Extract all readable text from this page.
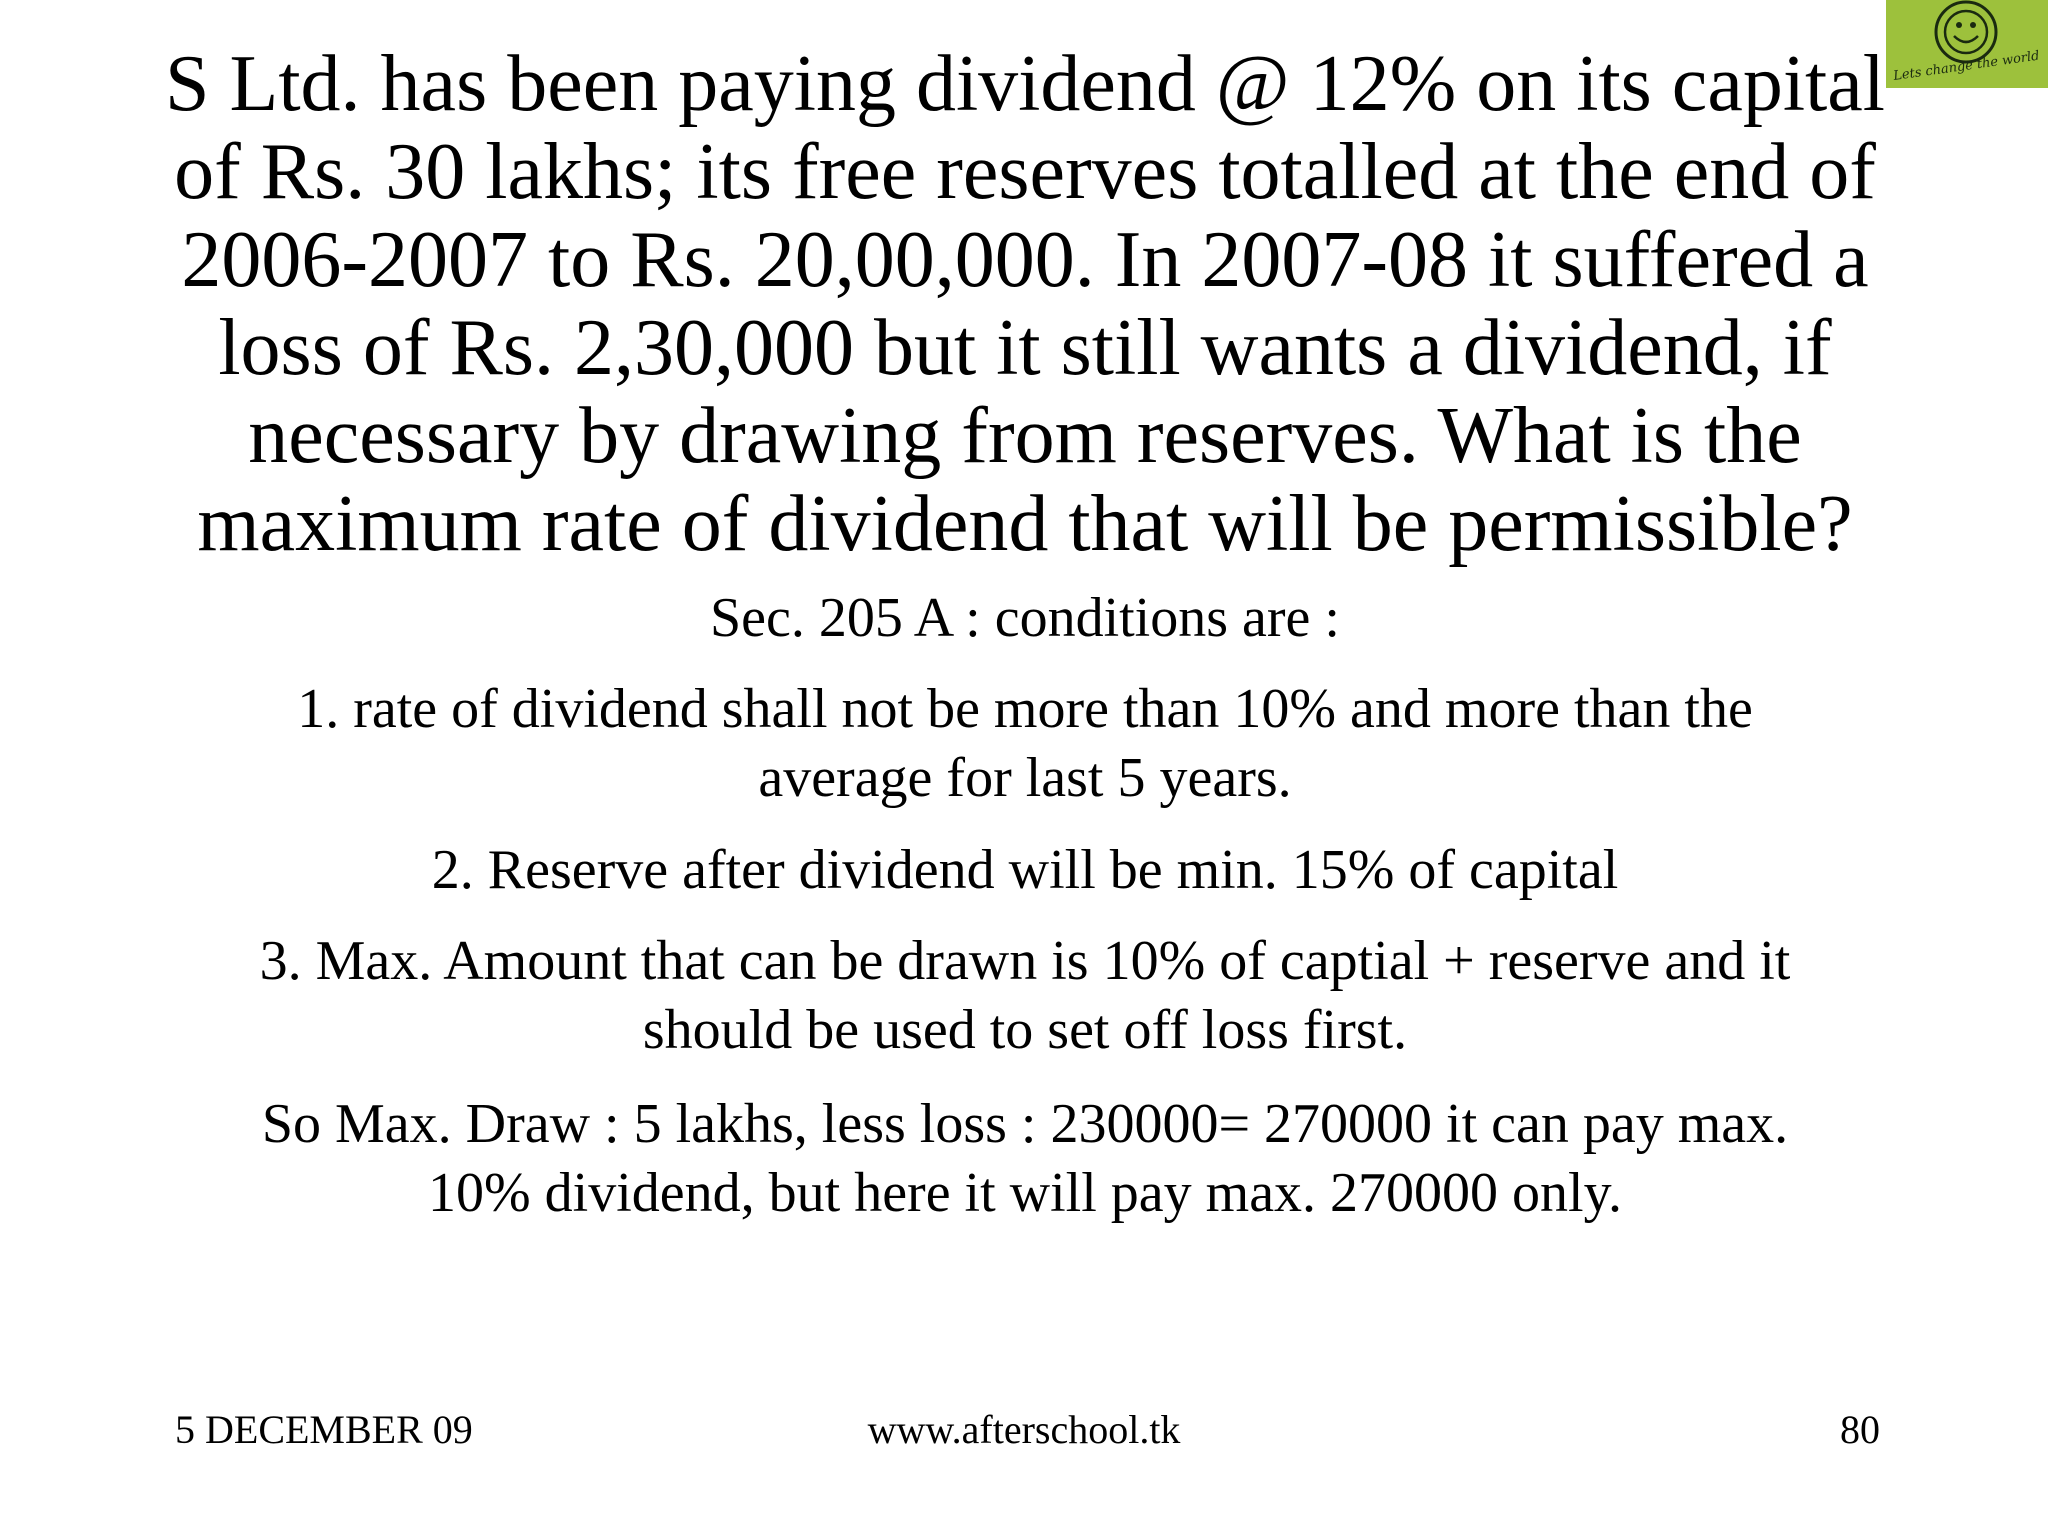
Lets change the world
S Ltd. has been paying dividend @ 12% on its capital
of Rs. 30 lakhs; its free reserves totalled at the end of
2006-2007 to Rs. 20,00,000. In 2007-08 it suffered a
loss of Rs. 2,30,000 but it still wants a dividend, if
necessary by drawing from reserves. What is the
maximum rate of dividend that will be permissible?

Sec. 205 A : conditions are :

1. rate of dividend shall not be more than 10% and more than the
average for last 5 years.

2. Reserve after dividend will be min. 15% of capital

3. Max. Amount that can be drawn is 10% of captial + reserve and it
should be used to set off loss first.

So Max. Draw : 5 lakhs, less loss : 230000= 270000 it can pay max.
10% dividend, but here it will pay max. 270000 only.

5 DECEMBER 09	www.afterschool.tk	80
